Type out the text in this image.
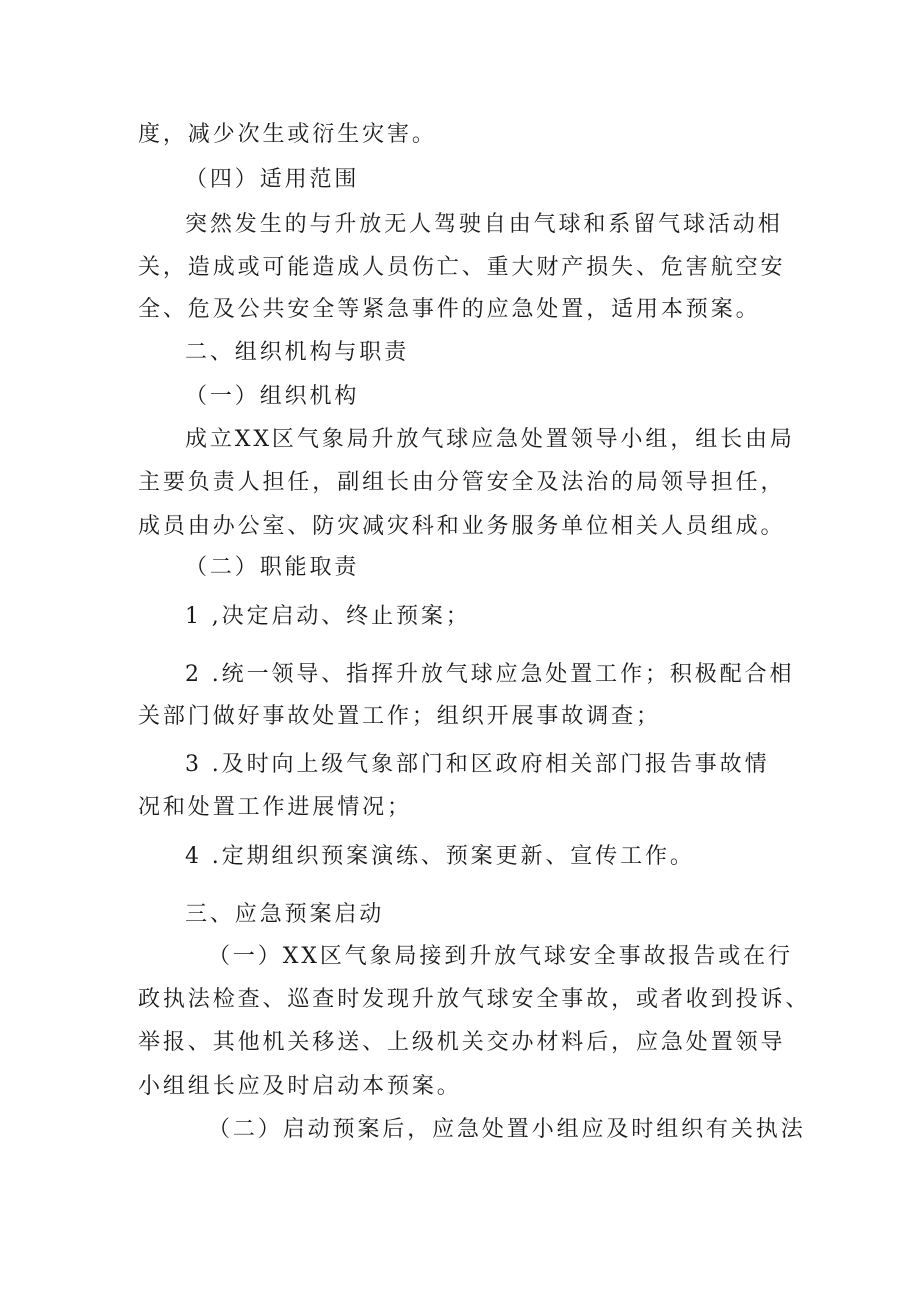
度，减少次生或衍生灾害。
（四）适用范围
突然发生的与升放无人驾驶自由气球和系留气球活动相
关，造成或可能造成人员伤亡、重大财产损失、危害航空安
全、危及公共安全等紧急事件的应急处置，适用本预案。
二、组织机构与职责
（一）组织机构
成立XX区气象局升放气球应急处置领导小组，组长由局
主要负责人担任，副组长由分管安全及法治的局领导担任，
成员由办公室、防灾减灾科和业务服务单位相关人员组成。
（二）职能取责
1 ,决定启动、终止预案；
2 .统一领导、指挥升放气球应急处置工作；积极配合相
关部门做好事故处置工作；组织开展事故调查；
3 .及时向上级气象部门和区政府相关部门报告事故情
况和处置工作进展情况；
4 .定期组织预案演练、预案更新、宣传工作。
三、应急预案启动
（一）XX区气象局接到升放气球安全事故报告或在行
政执法检查、巡查时发现升放气球安全事故，或者收到投诉、
举报、其他机关移送、上级机关交办材料后，应急处置领导
小组组长应及时启动本预案。
（二）启动预案后，应急处置小组应及时组织有关执法
